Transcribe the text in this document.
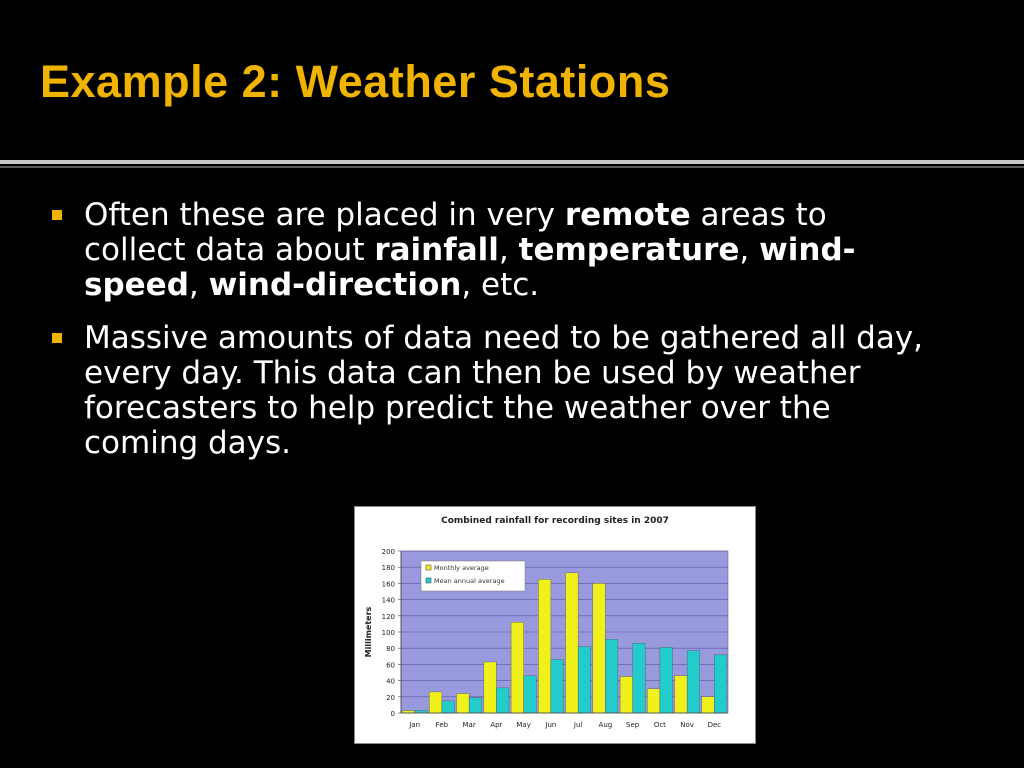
Example 2: Weather Stations
Often these are placed in very remote areas to collect data about rainfall, temperature, wind-speed, wind-direction, etc.
Massive amounts of data need to be gathered all day, every day. This data can then be used by weather forecasters to help predict the weather over the coming days.
Combined rainfall for recording sites in 2007
0
20
40
60
80
100
120
140
160
180
200
Jan Feb Mar Apr May Jun	Jul Aug Sep Oct Nov Dec
Millimeters
Monthly average
Mean annual average
